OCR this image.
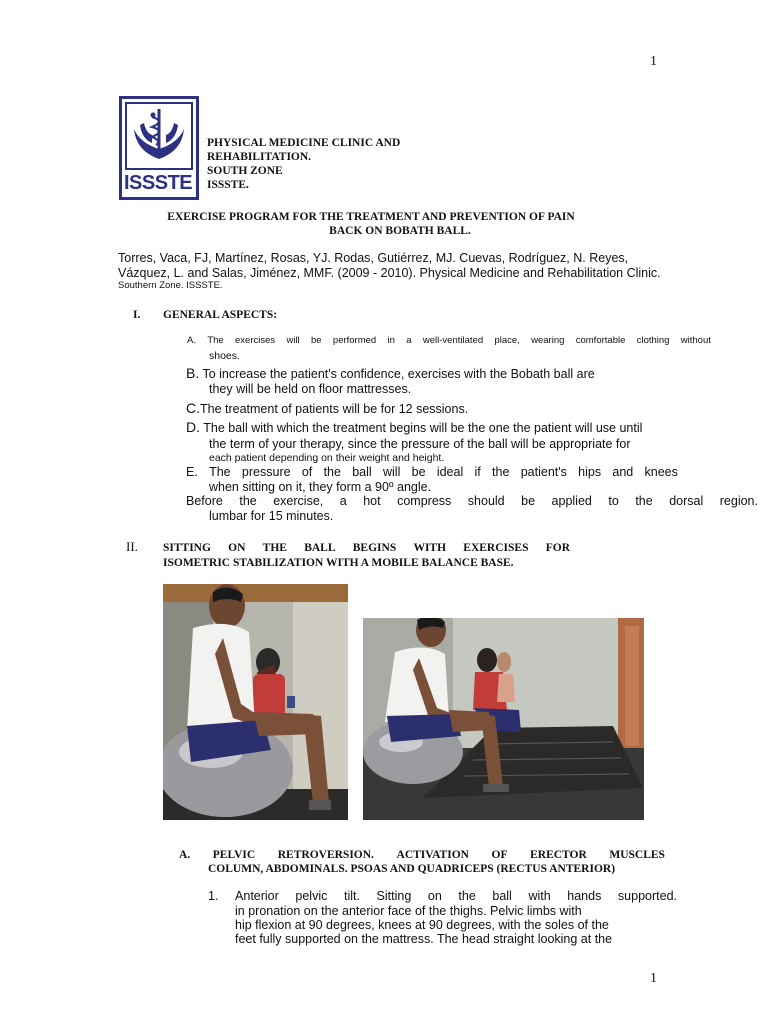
1
1
ISSSTE
PHYSICAL MEDICINE CLINIC AND
REHABILITATION.
SOUTH ZONE
ISSSTE.
EXERCISE PROGRAM FOR THE TREATMENT AND PREVENTION OF PAIN
BACK ON BOBATH BALL.
Torres, Vaca, FJ, Martínez, Rosas, YJ. Rodas, Gutiérrez, MJ. Cuevas, Rodríguez, N. Reyes,
Vázquez, L. and Salas, Jiménez, MMF. (2009 - 2010). Physical Medicine and Rehabilitation Clinic.
Southern Zone. ISSSTE.
I. GENERAL ASPECTS:
A. The exercises will be performed in a well-ventilated place, wearing comfortable clothing without
shoes.
B. To increase the patient's confidence, exercises with the Bobath ball are
they will be held on floor mattresses.
C.The treatment of patients will be for 12 sessions.
D. The ball with which the treatment begins will be the one the patient will use until
the term of your therapy, since the pressure of the ball will be appropriate for
each patient depending on their weight and height.
E. The pressure of the ball will be ideal if the patient's hips and knees
when sitting on it, they form a 90º angle.
Before the exercise, a hot compress should be applied to the dorsal region.
lumbar for 15 minutes.
II. SITTING ON THE BALL BEGINS WITH EXERCISES FOR
ISOMETRIC STABILIZATION WITH A MOBILE BALANCE BASE.
A. PELVIC RETROVERSION. ACTIVATION OF ERECTOR MUSCLES
COLUMN, ABDOMINALS. PSOAS AND QUADRICEPS (RECTUS ANTERIOR)
1. Anterior pelvic tilt. Sitting on the ball with hands supported.
in pronation on the anterior face of the thighs. Pelvic limbs with
hip flexion at 90 degrees, knees at 90 degrees, with the soles of the
feet fully supported on the mattress. The head straight looking at the
